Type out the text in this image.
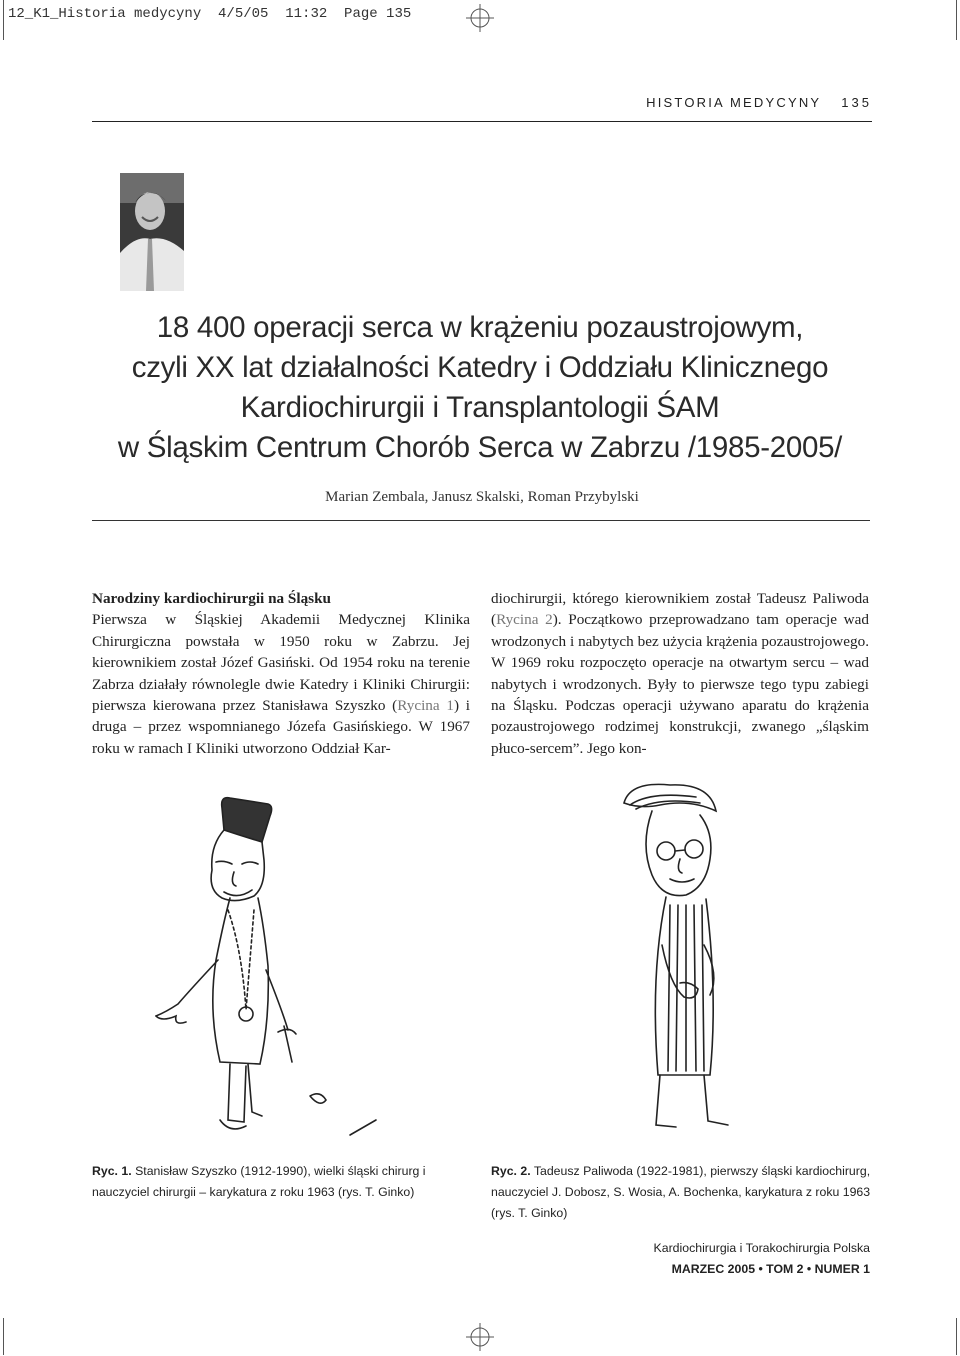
12_K1_Historia medycyny  4/5/05  11:32  Page 135
HISTORIA MEDYCYNY 135
18 400 operacji serca w krążeniu pozaustrojowym,
czyli XX lat działalności Katedry i Oddziału Klinicznego
Kardiochirurgii i Transplantologii ŚAM
w Śląskim Centrum Chorób Serca w Zabrzu /1985-2005/
Marian Zembala, Janusz Skalski, Roman Przybylski

Narodziny kardiochirurgii na Śląsku

Pierwsza w Śląskiej Akademii Medycznej Klinika Chirurgiczna powstała w 1950 roku w Zabrzu. Jej kierownikiem został Józef Gasiński. Od 1954 roku na terenie Zabrza działały równolegle dwie Katedry i Kliniki Chirurgii: pierwsza kierowana przez Stanisława Szyszko (Rycina 1) i druga – przez wspomnianego Józefa Gasińskiego. W 1967 roku w ramach I Kliniki utworzono Oddział Kar-

diochirurgii, którego kierownikiem został Tadeusz Paliwoda (Rycina 2). Początkowo przeprowadzano tam operacje wad wrodzonych i nabytych bez użycia krążenia pozaustrojowego. W 1969 roku rozpoczęto operacje na otwartym sercu – wad nabytych i wrodzonych. Były to pierwsze tego typu zabiegi na Śląsku. Podczas operacji używano aparatu do krążenia pozaustrojowego rodzimej konstrukcji, zwanego „śląskim płuco-sercem”. Jego kon-

Ryc. 1. Stanisław Szyszko (1912-1990), wielki śląski chirurg i nauczyciel chirurgii – karykatura z roku 1963 (rys. T. Ginko)
Ryc. 2. Tadeusz Paliwoda (1922-1981), pierwszy śląski kardiochirurg, nauczyciel J. Dobosz, S. Wosia, A. Bochenka, karykatura z roku 1963 (rys. T. Ginko)
Kardiochirurgia i Torakochirurgia Polska
MARZEC 2005 • TOM 2 • NUMER 1
